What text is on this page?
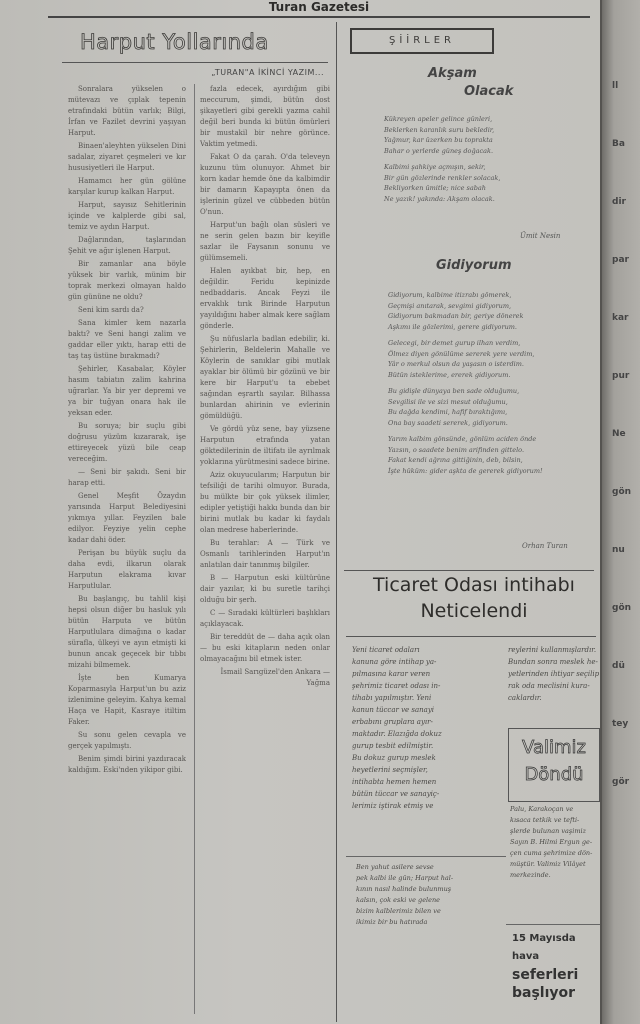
Turan Gazetesi
Harput Yollarında
„TURAN"A İKİNCİ YAZIM...

Sonralara yükselen o mütevazı ve çıplak tepenin etrafındaki bütün varlık; Bilgi, İrfan ve Fazilet devrini yaşıyan Harput.

Binaen'aleyhten yükselen Dini sadalar, ziyaret çeşmeleri ve kır hususiyetleri ile Harput.

Hamamcı her gün gölüne karşılar kurup kalkan Harput.

Harput, sayısız Sehitlerinin içinde ve kalplerde gibi sal, temiz ve aydın Harput.

Dağlarından, taşlarından Şehit ve ağır işlenen Harput.

Bir zamanlar ana böyle yüksek bir varlık, münim bir toprak merkezi olmayan haldo gün gününe ne oldu?

Seni kim sardı da?

Sana kimler kem nazarla baktı? ve Seni hangi zalim ve gaddar eller yıktı, harap etti de taş taş üstüne bırakmadı?

Şehirler, Kasabalar, Köyler hasım tabiatın zalim kahrina uğrarlar. Ya bir yer depremi ve ya bir tuğyan onara hak ile yeksan eder.

Bu soruya; bir suçlu gibi doğrusu yüzüm kızararak, işe ettireyecek yüzü bile ceap vereceğim.

— Seni bir şakıdı. Seni bir harap etti.

Genel Meşfit Özaydın yarısında Harput Belediyesini yıkmıya yıllar. Feyzilen bale edilyor. Feyziye yelin cephe kadar dahi öder.

Perişan bu büyük suçlu da daha evdi, ilkarun olarak Harputun elakrama kıvar Harputlular.

Bu başlangıç, bu tahlil kişi hepsi olsun diğer bu hasluk yılı bütün Harputa ve bütün Harputlulara dimağına o kadar sürafla, ülkeyi ve ayın etmişti ki bunun ancak geçecek bir tıbbı mizahi bilmemek.

İşte ben Kumarya Koparmasıyla Harput'un bu aziz izlenimine geleyim. Kahya kemal Haça ve Hapit, Kasraye itiltim Faker.

Su sonu gelen cevapla ve gerçek yapılmıştı.

Benim şimdi birini yazdıracak kaldığım. Eski'nden yikipor gibi.

fazla edecek, ayırdığım gibi meccurum, şimdi, bütün dost şikayetleri gibi gerekli yazma cahil değil beri bunda ki bütün ömürleri bir mustakil bir nehre görünce. Vaktim yetmedi.

Fakat O da çarah. O'da televeyn kuzunu tüm olunuyor. Ahmet bir korn kadar hemde öne da kalbimdir bir damarın Kapayıpta önen da işlerinin güzel ve cübbeden bütün O'nun.

Harput'un bağlı olan süsleri ve ne serin gelen bazın bir keyifle sazlar ile Faysanın sonunu ve gülümsemeli.

Halen ayıkbat bir, hep, en değildir. Feridu kepinizde nedbaddaris. Ancak Feyzi ile ervaklık tırık Birinde Harputun yayıldığını haber almak kere sağlam gönderle.

Şu nüfuslarla badlan edebilir, ki. Şehirlerin, Beldelerin Mahalle ve Köylerin de sanıklar gibi mutlak ayaklar bir ölümü bir gözünü ve bir kere bir Harput'u ta ebebet sağından eşrartlı sayılar. Bilhassa bunlardan ahirinin ve evlerinin gömüldüğü.

Ve gördü yüz sene, bay yüzsene Harputun etrafında yatan göktedilerinin de iltifatı ile ayrılmak yoklarına yürütmesini sadece birine.

Aziz okuyucularım; Harputun bir tefsiliği de tarihi olmuyor. Burada, bu mülkte bir çok yüksek ilimler, edipler yetiştiği hakkı bunda dan bir birini mutlak bu kadar ki faydalı olan medrese haberlerinde.

Bu terahlar: A — Türk ve Osmanlı tarihlerinden Harput'ın anlatılan dair tanınmış bilgiler.

B — Harputun eski kültürüne dair yazılar, ki bu suretle tarihçi olduğu bir şerh.

C — Sıradaki kültürleri başlıkları açıklayacak.

Bir tereddüt de — daha açık olan — bu eski kitapların neden onlar olmayacağını bil etmek ister.

İsmail Sarıgüzel'den Ankara — Yağma

ŞİİRLER
Akşam
Olacak
Kükreyen apeler gelince günleri,
Beklerken karanlık suru bekledir,
Yağmur, kar üzerken bu toprakta
Bahar o yerlerde güneş doğacak.
Kalbimi şahkiye açmışın, sekir,
Bir gün gözlerinde renkler solacak,
Bekliyorken ümitle; nice sabah
Ne yazık! yakında: Akşam olacak.
Ümit Nesin
Gidiyorum
Gidiyorum, kalbime itizrabı gömerek,
Geçmişi anıtarak, sevgimi gidiyorum,
Gidiyorum bakmadan bir, geriye dönerek
Aşkımı ile gözlerimi, gerere gidiyorum.
Gelecegi, bir demet gurup ilhan verdim,
Ölmez diyen gönülüme sererek yere verdim,
Yâr o merkul olsun da yaşasın o isterdim.
Bütün isteklerime, ererek gidiyorum.
Bu gidişle dünyaya ben sade olduğumu,
Sevgilisi ile ve sizi mesut olduğumu,
Bu dağda kendimi, hafif bıraktığımı,
Ona bay saadeti sererek, gidiyorum.
Yarım kalbim gönsünde, gönlüm aciden önde
Yazsın, o saadete benim arifinden gittelo.
Fakat kendi ağrına gittiğinin, deb, bilsin,
İşte hüküm: gider aşkta de gererek gidiyorum!
Orhan Turan
Ticaret Odası intihabı
Neticelendi
Yeni ticaret odaları
kanuna göre intihap ya-
pılmasına karar veren
şehrimiz ticaret odası in-
tihabı yapılmıştır. Yeni
kanun tüccar ve sanayi
erbabını gruplara ayır-
maktadır. Elazığda dokuz
gurup tesbit edilmiştir.
Bu dokuz gurup meslek
heyetlerini seçmişler,
intihabta hemen hemen
bütün tüccar ve sanayiç-
lerimiz iştirak etmiş ve
reylerini kullanmışlardır.
Bundan sonra meslek he-
yetlerinden ihtiyar seçilip
rak oda meclisini kura-
caklardır.
Ben yahut asilere sevse
pek kalbi ile gün; Harput hal-
kının nasıl halinde bulunmuş
kalsın, çok eski ve gelene
bizim kalblerimiz bilen ve
ikimiz bir bu hatırada
Valimiz
Döndü
Palu, Karakoçan ve
kısaca tetkik ve tefti-
şlerde bulunan vaşimiz
Sayın B. Hilmi Ergun ge-
çen cuma şehrimize dön-
müştür. Valimiz Vilâyet
merkezinde.
15 Mayısda hava
seferleri başlıyor
ll
Ba
dir
par
kar
pur
Ne
gön
nu
gön
dü
tey
gör
